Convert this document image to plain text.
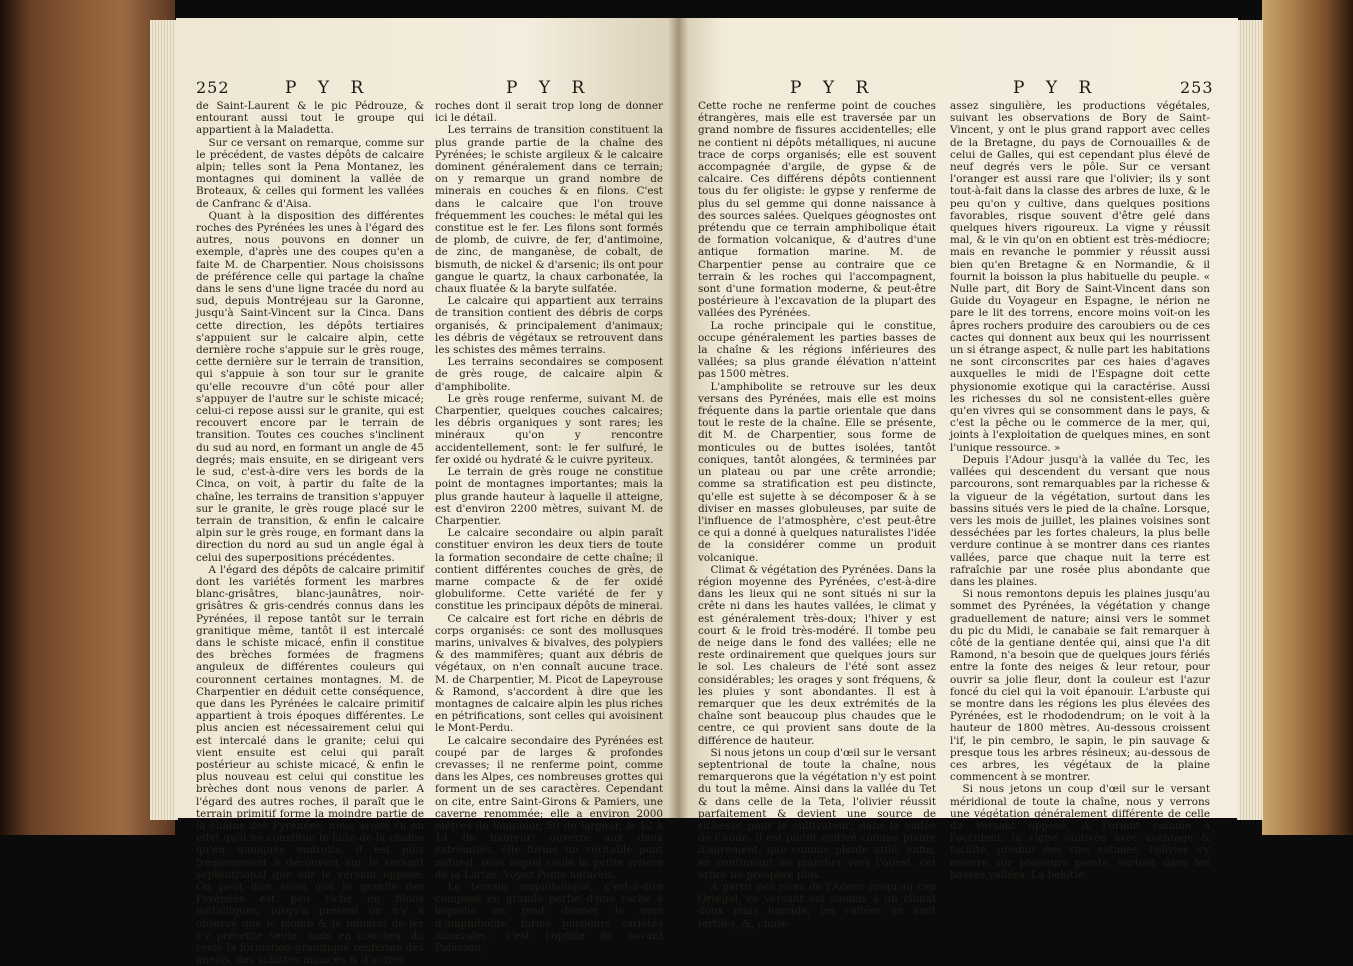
252	P Y R	P Y R

de Saint-Laurent & le pic Pédrouze, & entourant aussi tout le groupe qui appartient à la Maladetta.

Sur ce versant on remarque, comme sur le précédent, de vastes dépôts de calcaire alpin; telles sont la Pena Montanez, les montagnes qui dominent la vallée de Broteaux, & celles qui forment les vallées de Canfranc & d'Aisa.

Quant à la disposition des différentes roches des Pyrénées les unes à l'égard des autres, nous pouvons en donner un exemple, d'après une des coupes qu'en a faite M. de Charpentier. Nous choisissons de préférence celle qui partage la chaîne dans le sens d'une ligne tracée du nord au sud, depuis Montréjeau sur la Garonne, jusqu'à Saint-Vincent sur la Cinca. Dans cette direction, les dépôts tertiaires s'appuient sur le calcaire alpin, cette dernière roche s'appuie sur le grès rouge, cette dernière sur le terrain de transition, qui s'appuie à son tour sur le granite qu'elle recouvre d'un côté pour aller s'appuyer de l'autre sur le schiste micacé; celui-ci repose aussi sur le granite, qui est recouvert encore par le terrain de transition. Toutes ces couches s'inclinent du sud au nord, en formant un angle de 45 degrés; mais ensuite, en se dirigeant vers le sud, c'est-à-dire vers les bords de la Cinca, on voit, à partir du faîte de la chaîne, les terrains de transition s'appuyer sur le granite, le grès rouge placé sur le terrain de transition, & enfin le calcaire alpin sur le grès rouge, en formant dans la direction du nord au sud un angle égal à celui des superpositions précédentes.

A l'égard des dépôts de calcaire primitif dont les variétés forment les marbres blanc-grisâtres, blanc-jaunâtres, noir-grisâtres & gris-cendrés connus dans les Pyrénées, il repose tantôt sur le terrain granitique même, tantôt il est intercalé dans le schiste micacé, enfin il constitue des brèches formées de fragmens anguleux de différentes couleurs qui couronnent certaines montagnes. M. de Charpentier en déduit cette conséquence, que dans les Pyrénées le calcaire primitif appartient à trois époques différentes. Le plus ancien est nécessairement celui qui est intercalé dans le granite; celui qui vient ensuite est celui qui paraît postérieur au schiste micacé, & enfin le plus nouveau est celui qui constitue les brèches dont nous venons de parler. A l'égard des autres roches, il paraît que le terrain primitif forme la moindre partie de la chaîne des Pyrénées; nous avons vu en effet qu'il ne constitue le faîte de la chaîne qu'en quelques endroits; il est plus fréquemment à découvert sur le versant septentrional que sur le versant opposé. On peut dire aussi que le granite des Pyrénées est peu riche en filons métalliques; jusqu'à présent on n'y a observé que le plomb & le minerai de fer s'y présente seule, mais en couches; du reste la formation granitique renferme des gneiss, des schistes micacés & d'autres

roches dont il serait trop long de donner ici le détail.

Les terrains de transition constituent la plus grande partie de la chaîne des Pyrénées; le schiste argileux & le calcaire dominent généralement dans ce terrain; on y remarque un grand nombre de minerais en couches & en filons. C'est dans le calcaire que l'on trouve fréquemment les couches: le métal qui les constitue est le fer. Les filons sont formés de plomb, de cuivre, de fer, d'antimoine, de zinc, de manganèse, de cobalt, de bismuth, de nickel & d'arsenic; ils ont pour gangue le quartz, la chaux carbonatée, la chaux fluatée & la baryte sulfatée.

Le calcaire qui appartient aux terrains de transition contient des débris de corps organisés, & principalement d'animaux; les débris de végétaux se retrouvent dans les schistes des mêmes terrains.

Les terrains secondaires se composent de grès rouge, de calcaire alpin & d'amphibolite.

Le grès rouge renferme, suivant M. de Charpentier, quelques couches calcaires; les débris organiques y sont rares; les minéraux qu'on y rencontre accidentellement, sont: le fer sulfuré, le fer oxidé ou hydraté & le cuivre pyriteux.

Le terrain de grès rouge ne constitue point de montagnes importantes; mais la plus grande hauteur à laquelle il atteigne, est d'environ 2200 mètres, suivant M. de Charpentier.

Le calcaire secondaire ou alpin paraît constituer environ les deux tiers de toute la formation secondaire de cette chaîne; il contient différentes couches de grès, de marne compacte & de fer oxidé globuliforme. Cette variété de fer y constitue les principaux dépôts de minerai.

Ce calcaire est fort riche en débris de corps organisés: ce sont des mollusques marins, univalves & bivalves, des polypiers & des mammifères; quant aux débris de végétaux, on n'en connaît aucune trace. M. de Charpentier, M. Picot de Lapeyrouse & Ramond, s'accordent à dire que les montagnes de calcaire alpin les plus riches en pétrifications, sont celles qui avoisinent le Mont-Perdu.

Le calcaire secondaire des Pyrénées est coupé par de larges & profondes crevasses; il ne renferme point, comme dans les Alpes, ces nombreuses grottes qui forment un de ses caractères. Cependant on cite, entre Saint-Girons & Pamiers, une caverne renommée; elle a environ 2000 mètres de longueur, 50 de largeur, & 12 à 14 de hauteur: ouverte aux deux extrémités, elle forme un véritable pont naturel, sous lequel coule la petite rivière de la Larize. Voyez Ponts naturels.

Le terrain amphibolique, c'est-à-dire composé en grande partie d'une roche à laquelle on peut donner le nom d'amphibolite, forme plusieurs variétés minérales: c'est l'ophite du savant Palassou,

P Y R	P Y R	253

Cette roche ne renferme point de couches étrangères, mais elle est traversée par un grand nombre de fissures accidentelles; elle ne contient ni dépôts métalliques, ni aucune trace de corps organisés; elle est souvent accompagnée d'argile, de gypse & de calcaire. Ces différens dépôts contiennent tous du fer oligiste: le gypse y renferme de plus du sel gemme qui donne naissance à des sources salées. Quelques géognostes ont prétendu que ce terrain amphibolique était de formation volcanique, & d'autres d'une antique formation marine. M. de Charpentier pense au contraire que ce terrain & les roches qui l'accompagnent, sont d'une formation moderne, & peut-être postérieure à l'excavation de la plupart des vallées des Pyrénées.

La roche principale qui le constitue, occupe généralement les parties basses de la chaîne & les régions inférieures des vallées; sa plus grande élévation n'atteint pas 1500 mètres.

L'amphibolite se retrouve sur les deux versans des Pyrénées, mais elle est moins fréquente dans la partie orientale que dans tout le reste de la chaîne. Elle se présente, dit M. de Charpentier, sous forme de monticules ou de buttes isolées, tantôt coniques, tantôt alongées, & terminées par un plateau ou par une crête arrondie; comme sa stratification est peu distincte, qu'elle est sujette à se décomposer & à se diviser en masses globuleuses, par suite de l'influence de l'atmosphère, c'est peut-être ce qui a donné à quelques naturalistes l'idée de la considérer comme un produit volcanique.

Climat & végétation des Pyrénées. Dans la région moyenne des Pyrénées, c'est-à-dire dans les lieux qui ne sont situés ni sur la crête ni dans les hautes vallées, le climat y est généralement très-doux; l'hiver y est court & le froid très-modéré. Il tombe peu de neige dans le fond des vallées; elle ne reste ordinairement que quelques jours sur le sol. Les chaleurs de l'été sont assez considérables; les orages y sont fréquens, & les pluies y sont abondantes. Il est à remarquer que les deux extrémités de la chaîne sont beaucoup plus chaudes que le centre, ce qui provient sans doute de la différence de hauteur.

Si nous jetons un coup d'œil sur le versant septentrional de toute la chaîne, nous remarquerons que la végétation n'y est point du tout la même. Ainsi dans la vallée du Tet & dans celle de la Teta, l'olivier réussit parfaitement & devient une source de richesse pour le cultivateur; dans la vallée de l'Aude, il est plutôt cultivé comme plante d'agrément, que comme plante utile; enfin, en continuant de marcher vers l'ouest, cet arbre ne prospère plus.

A partir des rives de l'Adour jusqu'au cap Ortegal, ce versant est soumis à un climat doux mais humide; les vallées en sont fertiles, &, chose

assez singulière, les productions végétales, suivant les observations de Bory de Saint-Vincent, y ont le plus grand rapport avec celles de la Bretagne, du pays de Cornouailles & de celui de Galles, qui est cependant plus élevé de neuf degrés vers le pôle. Sur ce versant l'oranger est aussi rare que l'olivier; ils y sont tout-à-fait dans la classe des arbres de luxe, & le peu qu'on y cultive, dans quelques positions favorables, risque souvent d'être gelé dans quelques hivers rigoureux. La vigne y réussit mal, & le vin qu'on en obtient est très-médiocre; mais en revanche le pommier y réussit aussi bien qu'en Bretagne & en Normandie, & il fournit la boisson la plus habituelle du peuple. « Nulle part, dit Bory de Saint-Vincent dans son Guide du Voyageur en Espagne, le nérion ne pare le lit des torrens, encore moins voit-on les âpres rochers produire des caroubiers ou de ces cactes qui donnent aux beux qui les nourrissent un si étrange aspect, & nulle part les habitations ne sont circonscrites par ces haies d'agaves auxquelles le midi de l'Espagne doit cette physionomie exotique qui la caractérise. Aussi les richesses du sol ne consistent-elles guère qu'en vivres qui se consomment dans le pays, & c'est la pêche ou le commerce de la mer, qui, joints à l'exploitation de quelques mines, en sont l'unique ressource. »

Depuis l'Adour jusqu'à la vallée du Tec, les vallées qui descendent du versant que nous parcourons, sont remarquables par la richesse & la vigueur de la végétation, surtout dans les bassins situés vers le pied de la chaîne. Lorsque, vers les mois de juillet, les plaines voisines sont desséchées par les fortes chaleurs, la plus belle verdure continue à se montrer dans ces riantes vallées, parce que chaque nuit la terre est rafraîchie par une rosée plus abondante que dans les plaines.

Si nous remontons depuis les plaines jusqu'au sommet des Pyrénées, la végétation y change graduellement de nature; ainsi vers le sommet du pic du Midi, le canabaie se fait remarquer à côté de la gentiane dentée qui, ainsi que l'a dit Ramond, n'a besoin que de quelques jours fériés entre la fonte des neiges & leur retour, pour ouvrir sa jolie fleur, dont la couleur est l'azur foncé du ciel qui la voit épanouir. L'arbuste qui se montre dans les régions les plus élevées des Pyrénées, est le rhododendrum; on le voit à la hauteur de 1800 mètres. Au-dessous croissent l'if, le pin cembro, le sapin, le pin sauvage & presque tous les arbres résineux; au-dessous de ces arbres, les végétaux de la plaine commencent à se montrer.

Si nous jetons un coup d'œil sur le versant méridional de toute la chaîne, nous y verrons une végétation généralement différente de celle du versant opposé. A l'orient comme à l'occident, la vigne cultivée avec avantage & facilité, produit des vins estimés; l'olivier s'y montre sur plusieurs points, surtout dans les basses vallées. La belotte
